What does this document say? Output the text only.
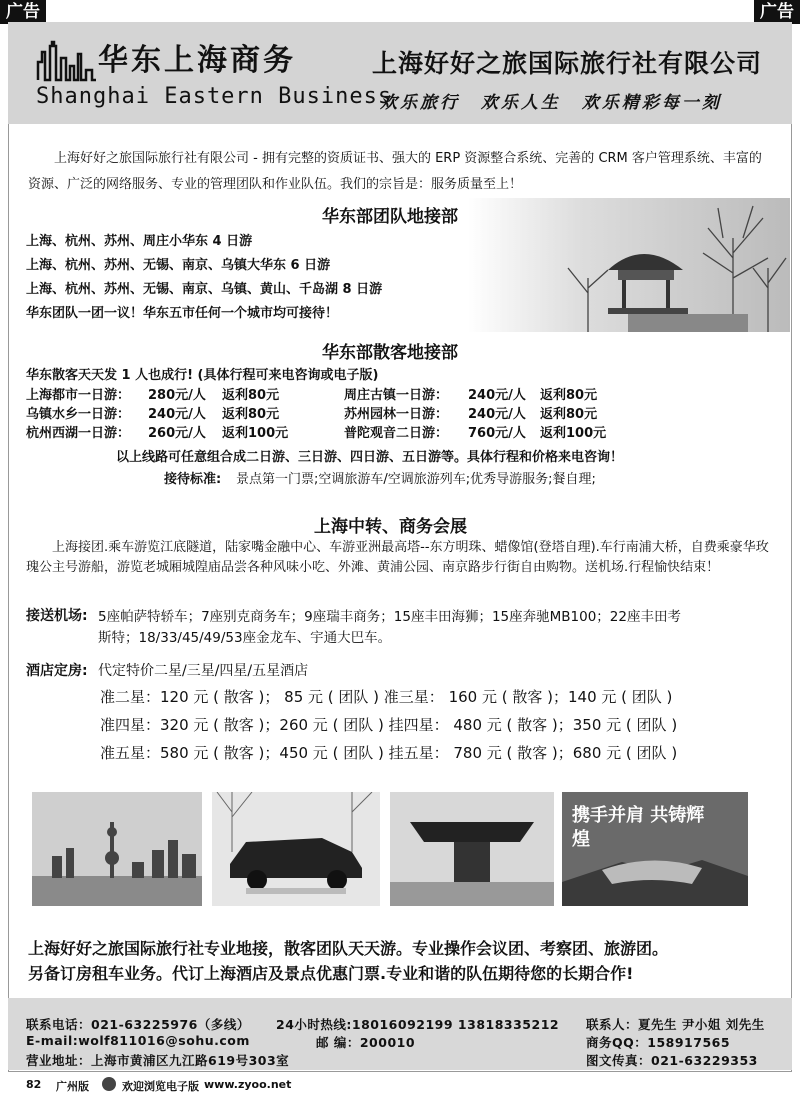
广告	广告
华东上海商务
Shanghai Eastern Business
上海好好之旅国际旅行社有限公司
欢乐旅行 欢乐人生 欢乐精彩每一刻
上海好好之旅国际旅行社有限公司 - 拥有完整的资质证书、强大的 ERP 资源整合系统、完善的 CRM 客户管理系统、丰富的资源、广泛的网络服务、专业的管理团队和作业队伍。我们的宗旨是：服务质量至上！
华东部团队地接部
上海、杭州、苏州、周庄小华东 4 日游
上海、杭州、苏州、无锡、南京、乌镇大华东 6 日游
上海、杭州、苏州、无锡、南京、乌镇、黄山、千岛湖 8 日游
华东团队一团一议！华东五市任何一个城市均可接待！
华东部散客地接部
华东散客天天发 1 人也成行! (具体行程可来电咨询或电子版)
上海都市一日游： 280元/人 返利80元	周庄古镇一日游： 240元/人 返利80元
乌镇水乡一日游： 240元/人 返利80元	苏州园林一日游： 240元/人 返利80元
杭州西湖一日游： 260元/人 返利100元	普陀观音二日游： 760元/人 返利100元
以上线路可任意组合成二日游、三日游、四日游、五日游等。具体行程和价格来电咨询！
接待标准: 景点第一门票;空调旅游车/空调旅游列车;优秀导游服务;餐自理;
上海中转、商务会展
上海接团.乘车游览江底隧道，陆家嘴金融中心、车游亚洲最高塔--东方明珠、蜡像馆(登塔自理).车行南浦大桥，自费乘豪华玫瑰公主号游船，游览老城厢城隍庙品尝各种风味小吃、外滩、黄浦公园、南京路步行街自由购物。送机场.行程愉快结束！
接送机场: 5座帕萨特轿车；7座别克商务车；9座瑞丰商务；15座丰田海狮；15座奔驰MB100；22座丰田考
斯特；18/33/45/49/53座金龙车、宇通大巴车。
酒店定房: 代定特价二星/三星/四星/五星酒店
准二星：120 元 ( 散客 )； 85 元 ( 团队 ) 准三星： 160 元 ( 散客 )；140 元 ( 团队 )
准四星：320 元 ( 散客 )；260 元 ( 团队 ) 挂四星： 480 元 ( 散客 )；350 元 ( 团队 )
准五星：580 元 ( 散客 )；450 元 ( 团队 ) 挂五星： 780 元 ( 散客 )；680 元 ( 团队 )
携手并肩 共铸辉煌
上海好好之旅国际旅行社专业地接，散客团队天天游。专业操作会议团、考察团、旅游团。
另备订房租车业务。代订上海酒店及景点优惠门票.专业和谐的队伍期待您的长期合作!
联系电话：021-63225976（多线） 24小时热线:18016092199 13818335212 联系人：夏先生 尹小姐 刘先生
E-mail:wolf811016@sohu.com	邮 编：200010	商务QQ：158917565
营业地址：上海市黄浦区九江路619号303室	图文传真：021-63229353
82 广州版	欢迎浏览电子版 www.zyoo.net
